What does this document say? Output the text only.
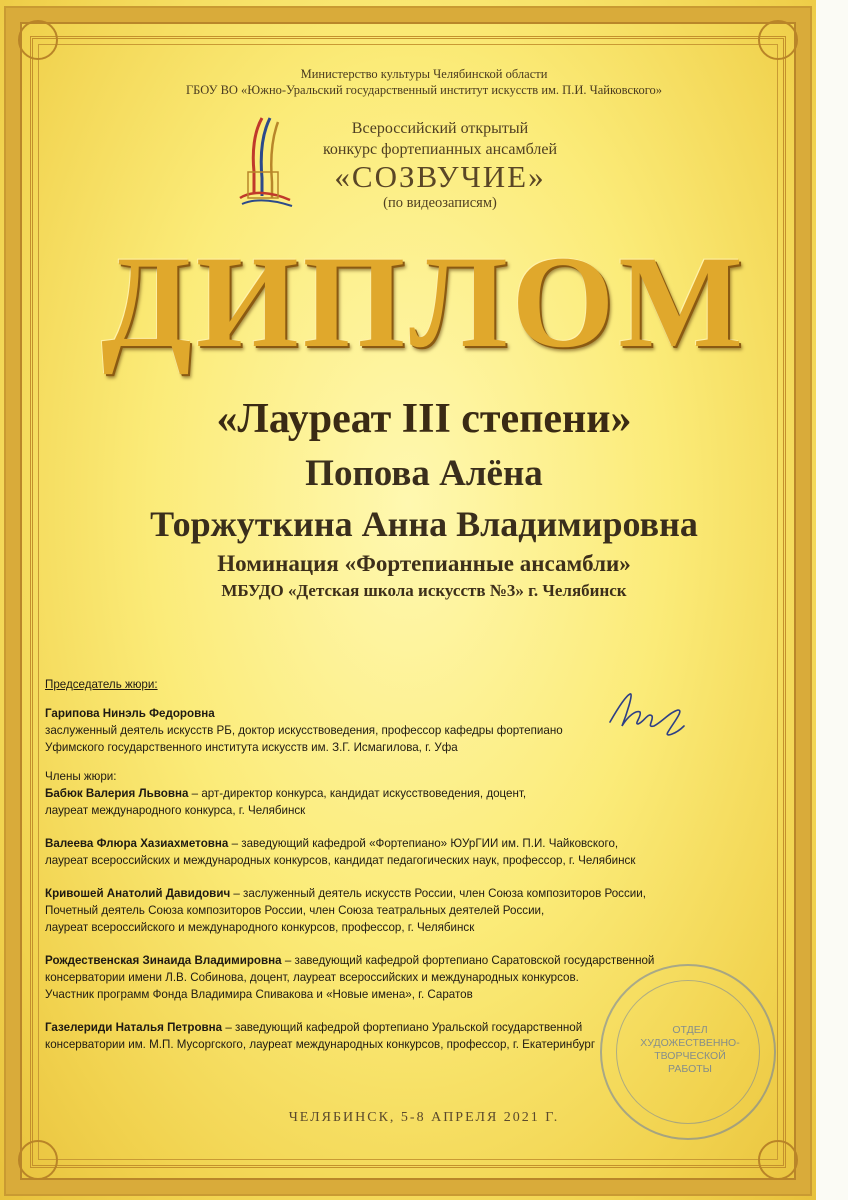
Министерство культуры Челябинской области
ГБОУ ВО «Южно-Уральский государственный институт искусств им. П.И. Чайковского»
Всероссийский открытый
конкурс фортепианных ансамблей
«СОЗВУЧИЕ»
(по видеозаписям)
ДИПЛОМ
«Лауреат III степени»
Попова Алёна
Торжуткина Анна Владимировна
Номинация «Фортепианные ансамбли»
МБУДО «Детская школа искусств №3» г. Челябинск
Председатель жюри:
Гарипова Нинэль Федоровна
заслуженный деятель искусств РБ, доктор искусствоведения, профессор кафедры фортепиано
Уфимского государственного института искусств им. З.Г. Исмагилова, г. Уфа
Члены жюри:
Бабюк Валерия Львовна – арт-директор конкурса, кандидат искусствоведения, доцент,
лауреат международного конкурса, г. Челябинск
Валеева Флюра Хазиахметовна – заведующий кафедрой «Фортепиано» ЮУрГИИ им. П.И. Чайковского,
лауреат всероссийских и международных конкурсов, кандидат педагогических наук, профессор, г. Челябинск
Кривошей Анатолий Давидович – заслуженный деятель искусств России, член Союза композиторов России,
Почетный деятель Союза композиторов России, член Союза театральных деятелей России,
лауреат всероссийского и международного конкурсов, профессор, г. Челябинск
Рождественская Зинаида Владимировна – заведующий кафедрой фортепиано Саратовской государственной
консерватории имени Л.В. Собинова, доцент, лауреат всероссийских и международных конкурсов.
Участник программ Фонда Владимира Спивакова и «Новые имена», г. Саратов
Газелериди Наталья Петровна – заведующий кафедрой фортепиано Уральской государственной
консерватории им. М.П. Мусоргского, лауреат международных конкурсов, профессор, г. Екатеринбург
ОТДЕЛ
ХУДОЖЕСТВЕННО-
ТВОРЧЕСКОЙ
РАБОТЫ
ЧЕЛЯБИНСК, 5-8 АПРЕЛЯ 2021 Г.
